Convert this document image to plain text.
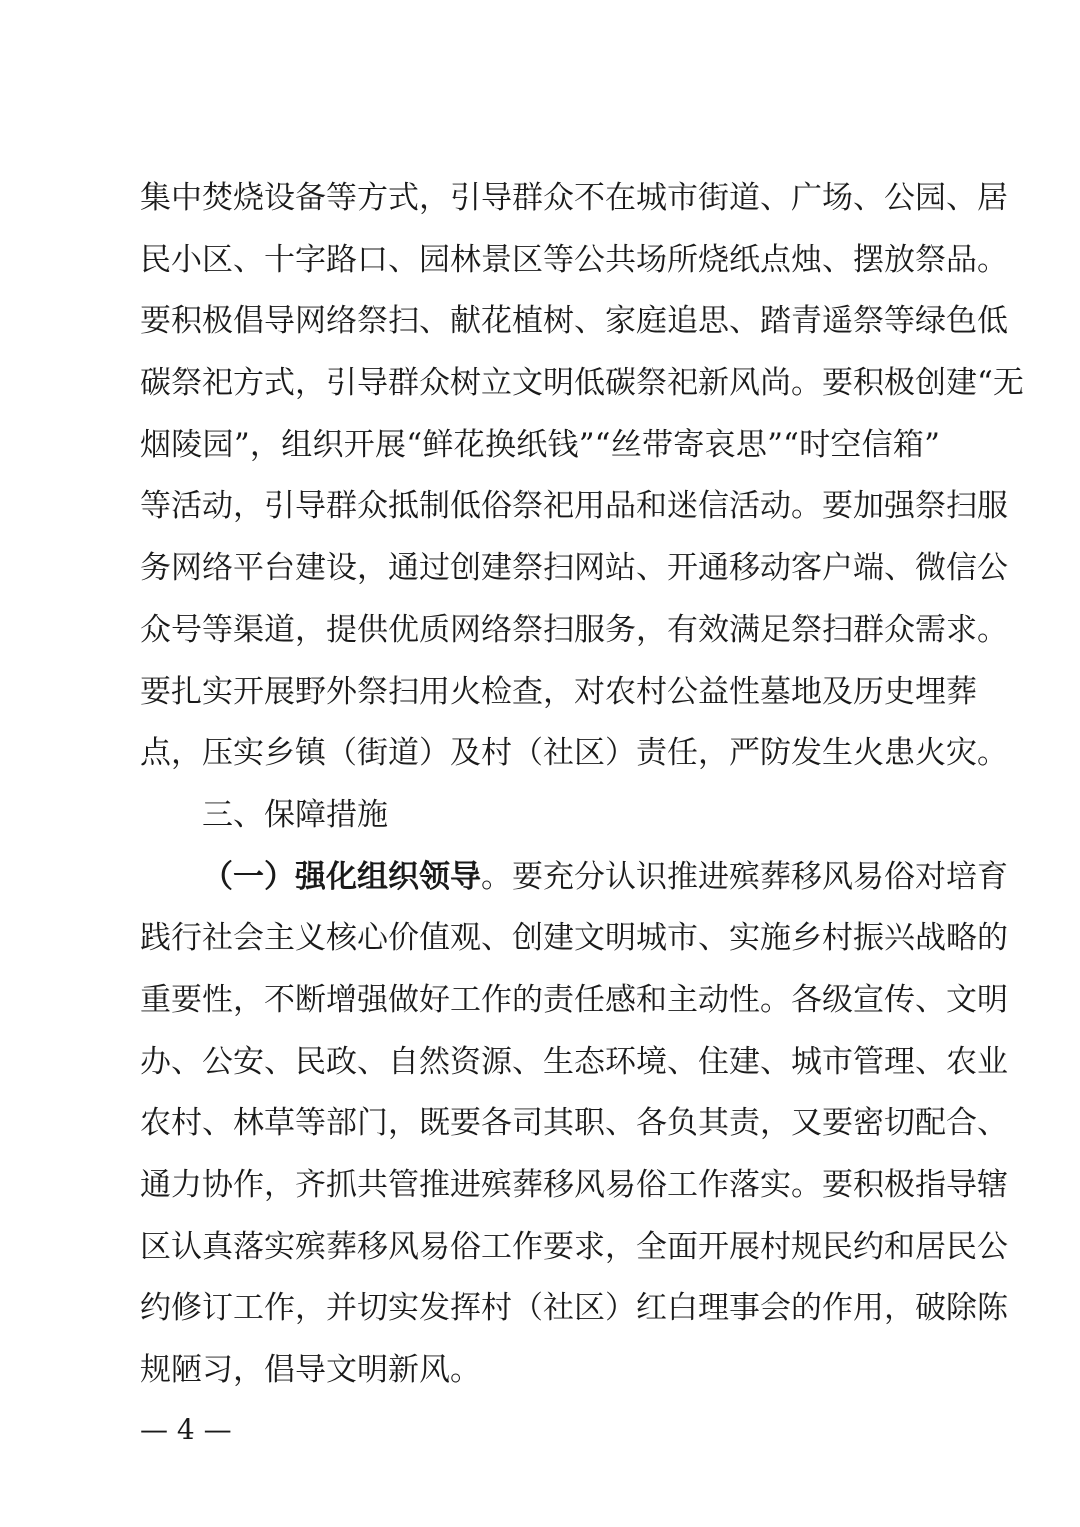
集中焚烧设备等方式，引导群众不在城市街道、广场、公园、居
民小区、十字路口、园林景区等公共场所烧纸点烛、摆放祭品。
要积极倡导网络祭扫、献花植树、家庭追思、踏青遥祭等绿色低
碳祭祀方式，引导群众树立文明低碳祭祀新风尚。要积极创建“无
烟陵园”，组织开展“鲜花换纸钱”“丝带寄哀思”“时空信箱”
等活动，引导群众抵制低俗祭祀用品和迷信活动。要加强祭扫服
务网络平台建设，通过创建祭扫网站、开通移动客户端、微信公
众号等渠道，提供优质网络祭扫服务，有效满足祭扫群众需求。
要扎实开展野外祭扫用火检查，对农村公益性墓地及历史埋葬
点，压实乡镇（街道）及村（社区）责任，严防发生火患火灾。
三、保障措施
（一）强化组织领导。要充分认识推进殡葬移风易俗对培育
践行社会主义核心价值观、创建文明城市、实施乡村振兴战略的
重要性，不断增强做好工作的责任感和主动性。各级宣传、文明
办、公安、民政、自然资源、生态环境、住建、城市管理、农业
农村、林草等部门，既要各司其职、各负其责，又要密切配合、
通力协作，齐抓共管推进殡葬移风易俗工作落实。要积极指导辖
区认真落实殡葬移风易俗工作要求，全面开展村规民约和居民公
约修订工作，并切实发挥村（社区）红白理事会的作用，破除陈
规陋习，倡导文明新风。
— 4 —
